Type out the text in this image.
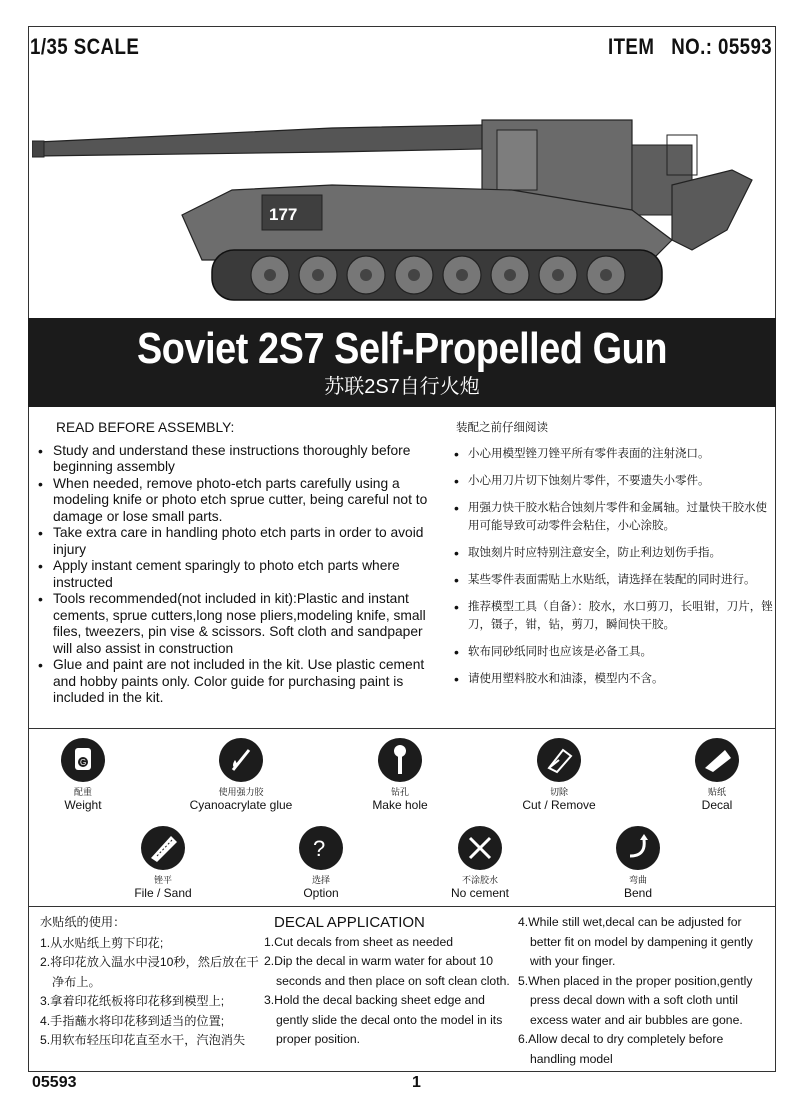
1/35 SCALE	ITEM   NO.: 05593
177
Soviet 2S7 Self-Propelled Gun
苏联2S7自行火炮
READ BEFORE ASSEMBLY:
• Study and understand these instructions thoroughly before beginning assembly
• When needed, remove photo-etch parts carefully using a modeling knife or photo etch sprue cutter, being careful not to damage or lose small parts.
• Take extra care in handling photo etch parts in order to avoid injury
• Apply instant cement sparingly to photo etch parts where instructed
• Tools recommended(not included in kit):Plastic and instant cements, sprue cutters,long nose pliers,modeling knife, small files, tweezers, pin vise & scissors. Soft cloth and sandpaper will also assist in construction
• Glue and paint are not included in the kit. Use plastic cement and hobby paints only. Color guide for purchasing paint is included in the kit.
装配之前仔细阅读
• 小心用模型锉刀锉平所有零件表面的注射浇口。
• 小心用刀片切下蚀刻片零件，不要遗失小零件。
• 用强力快干胶水粘合蚀刻片零件和金属轴。过量快干胶水使用可能导致可动零件会粘住，小心涂胶。
• 取蚀刻片时应特别注意安全，防止利边划伤手指。
• 某些零件表面需贴上水贴纸，请选择在装配的同时进行。
• 推荐模型工具（自备）：胶水，水口剪刀，长咀钳，刀片，锉刀，镊子，钳，钻，剪刀，瞬间快干胶。
• 软布同砂纸同时也应该是必备工具。
• 请使用塑料胶水和油漆，模型内不含。
G
配重
Weight
使用强力胶
Cyanoacrylate glue
钻孔
Make hole
切除
Cut / Remove
贴纸
Decal
锉平
File / Sand
?
选择
Option
不涂胶水
No cement
弯曲
Bend
水贴纸的使用：
1.从水贴纸上剪下印花;
2.将印花放入温水中浸10秒，然后放在干净布上。
3.拿着印花纸板将印花移到模型上;
4.手指蘸水将印花移到适当的位置;
5.用软布轻压印花直至水干，汽泡消失
DECAL APPLICATION
1.Cut decals from sheet as needed
2.Dip the decal in warm water for about 10 seconds and then place on soft clean cloth.
3.Hold the decal backing sheet edge and gently slide the decal onto the model in its proper position.
4.While still wet,decal can be adjusted for better fit on model by dampening it gently with your finger.
5.When placed in the proper position,gently press decal down with a soft cloth until excess water and air bubbles are gone.
6.Allow decal to dry completely before handling model
05593	1
